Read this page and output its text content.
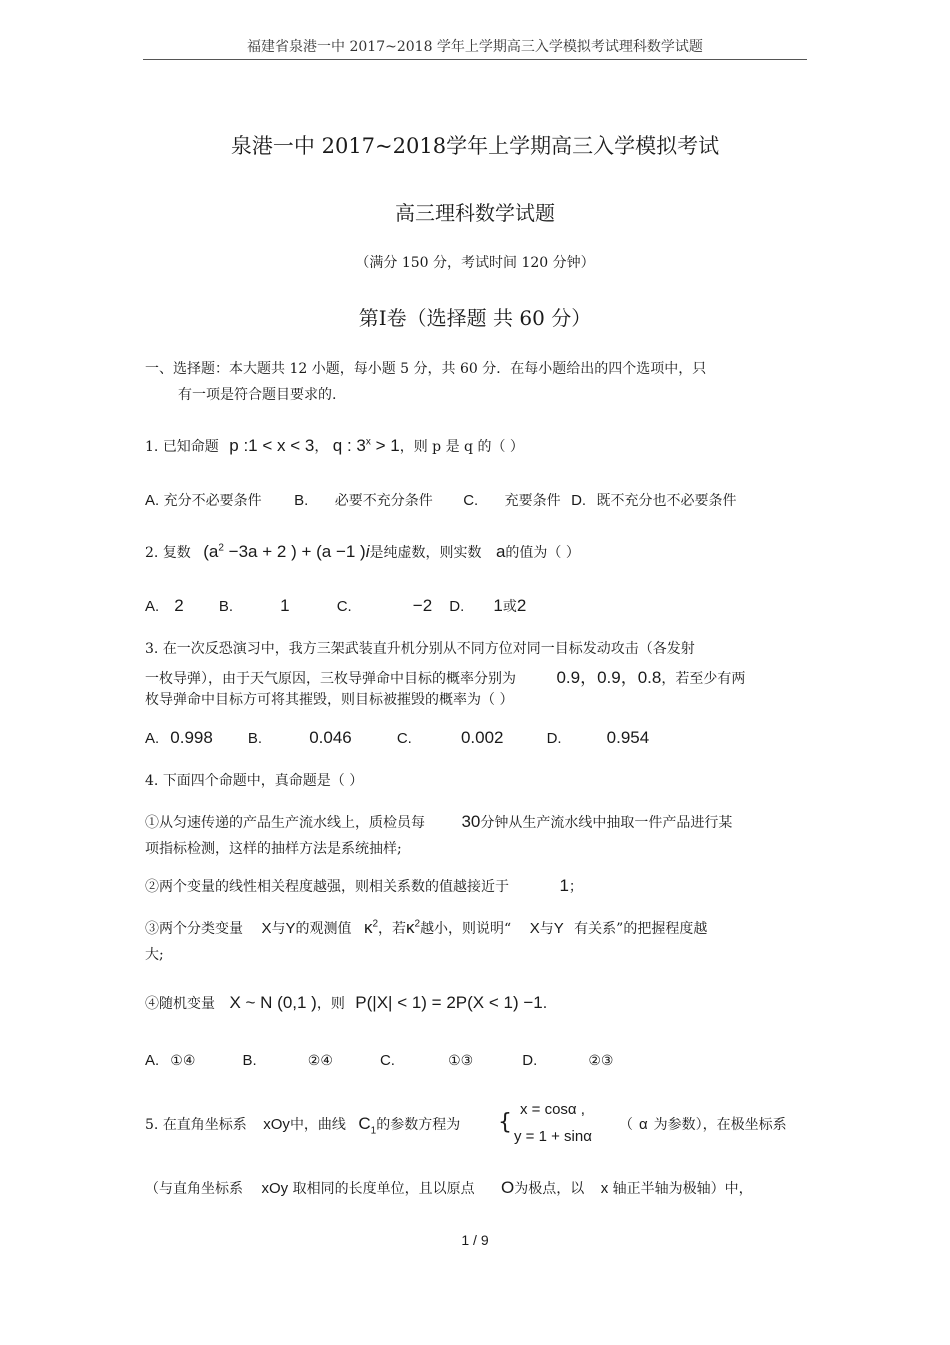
福建省泉港一中 2017~2018 学年上学期高三入学模拟考试理科数学试题
泉港一中 2017~2018学年上学期高三入学模拟考试
高三理科数学试题
（满分 150 分，考试时间 120 分钟）
第Ⅰ卷（选择题 共 60 分）
一、选择题：本大题共 12 小题，每小题 5 分，共 60 分．在每小题给出的四个选项中，只
有一项是符合题目要求的.
1. 已知命题 p :1 < x < 3， q : $3^x > 1$，则 p 是 q 的（ ）
A. 充分不必要条件 B. 必要不充分条件 C. 充要条件 D. 既不充分也不必要条件
2. 复数 ($a^2 -3a + 2$ ) + (a −1 )i是纯虚数，则实数 a的值为（ ）
A. 2 B.	1	C.	−2 D. 1或2
3. 在一次反恐演习中，我方三架武装直升机分别从不同方位对同一目标发动攻击（各发射
一枚导弹），由于天气原因，三枚导弹命中目标的概率分别为 0.9，0.9，0.8，若至少有两
枚导弹命中目标方可将其摧毁，则目标被摧毁的概率为（ ）
A. 0.998 B.	0.046	C.	0.002	D.	0.954
4. 下面四个命题中，真命题是（ ）
①从匀速传递的产品生产流水线上，质检员每 30分钟从生产流水线中抽取一件产品进行某
项指标检测，这样的抽样方法是系统抽样;
②两个变量的线性相关程度越强，则相关系数的值越接近于	1；
③两个分类变量 X与Y的观测值 $\kappa^2$，若$\kappa^2$越小，则说明“ X与Y 有关系”的把握程度越
大;
④随机变量 X ~ N (0,1 )，则 P(|X| < 1) = 2P(X < 1) −1.
A. ①④	B.	②④	C.	①③	D.	②③
5. 在直角坐标系 xOy中，曲线 $C_1$的参数方程为 {
x = cosα ,
y = 1 + sinα
（ α 为参数），在极坐标系
（与直角坐标系 xOy 取相同的长度单位，且以原点 O为极点，以 x 轴正半轴为极轴）中，
1 / 9
